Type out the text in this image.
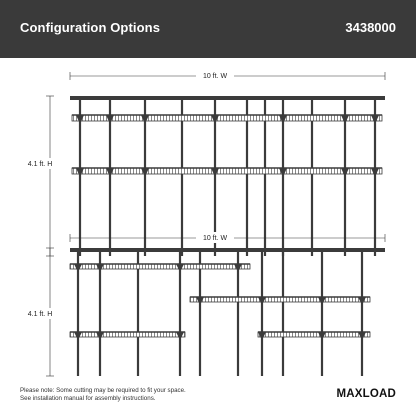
Configuration Options	3438000
10 ft. W
4.1 ft. H
10 ft. W
4.1 ft. H
Please note: Some cutting may be required to fit your space.
See installation manual for assembly instructions.	MAXLOAD
